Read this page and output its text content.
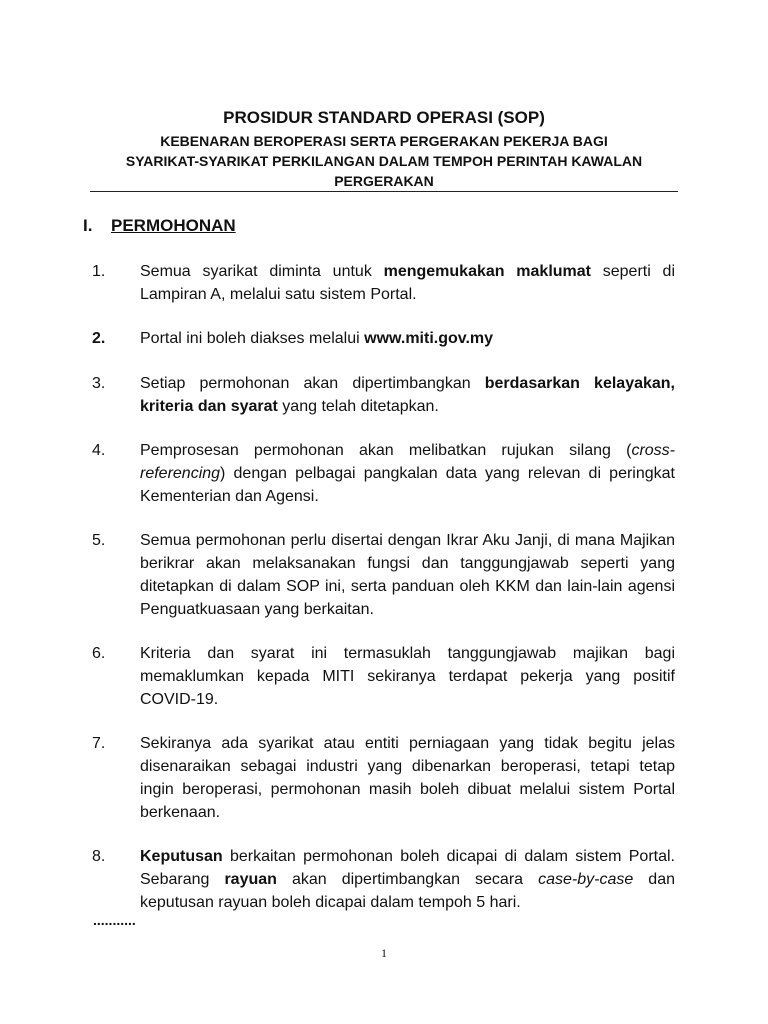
PROSIDUR STANDARD OPERASI (SOP)

KEBENARAN BEROPERASI SERTA PERGERAKAN PEKERJA BAGI

SYARIKAT-SYARIKAT PERKILANGAN DALAM TEMPOH PERINTAH KAWALAN

PERGERAKAN

I. PERMOHONAN
1. Semua syarikat diminta untuk mengemukakan maklumat seperti di Lampiran A, melalui satu sistem Portal.
2. Portal ini boleh diakses melalui www.miti.gov.my
3. Setiap permohonan akan dipertimbangkan berdasarkan kelayakan, kriteria dan syarat yang telah ditetapkan.
4. Pemprosesan permohonan akan melibatkan rujukan silang (cross-referencing) dengan pelbagai pangkalan data yang relevan di peringkat Kementerian dan Agensi.
5. Semua permohonan perlu disertai dengan Ikrar Aku Janji, di mana Majikan berikrar akan melaksanakan fungsi dan tanggungjawab seperti yang ditetapkan di dalam SOP ini, serta panduan oleh KKM dan lain-lain agensi Penguatkuasaan yang berkaitan.
6. Kriteria dan syarat ini termasuklah tanggungjawab majikan bagi memaklumkan kepada MITI sekiranya terdapat pekerja yang positif COVID-19.
7. Sekiranya ada syarikat atau entiti perniagaan yang tidak begitu jelas disenaraikan sebagai industri yang dibenarkan beroperasi, tetapi tetap ingin beroperasi, permohonan masih boleh dibuat melalui sistem Portal berkenaan.
8. Keputusan berkaitan permohonan boleh dicapai di dalam sistem Portal. Sebarang rayuan akan dipertimbangkan secara case-by-case dan keputusan rayuan boleh dicapai dalam tempoh 5 hari.
...........
1
